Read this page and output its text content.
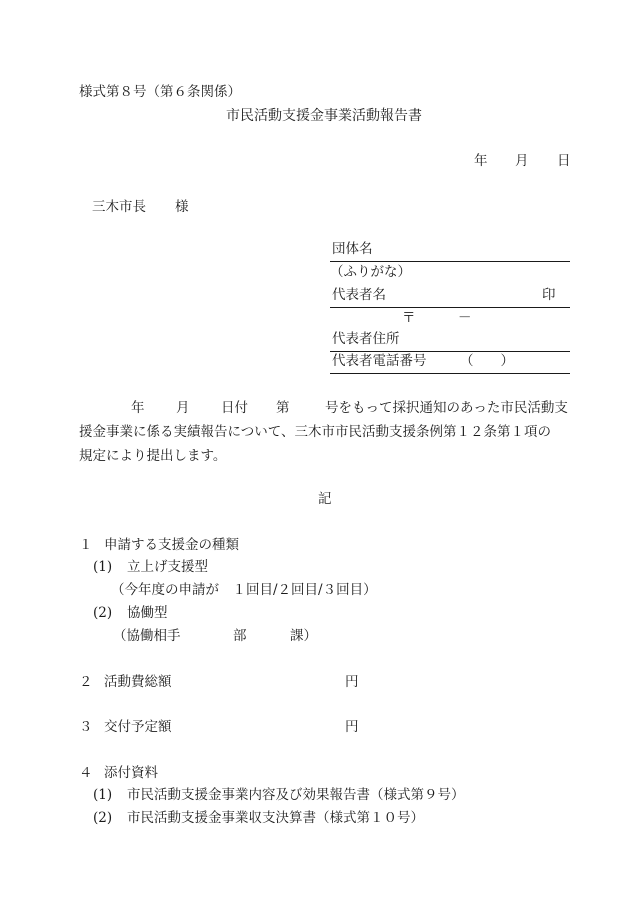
様式第８号（第６条関係）
市民活動支援金事業活動報告書
年 月 日
三木市長 様
団体名
（ふりがな）
代表者名	印
〒	－
代表者住所
代表者電話番号 （　　）
年 月 日付 第	号をもって採択通知のあった市民活動支
援金事業に係る実績報告について、三木市市民活動支援条例第１２条第１項の
規定により提出します。
記
１ 申請する支援金の種類
(1) 立上げ支援型
（今年度の申請が　１回目/２回目/３回目）
(2) 協働型
（協働相手	部	課）
２ 活動費総額	円
３ 交付予定額	円
４ 添付資料
(1) 市民活動支援金事業内容及び効果報告書（様式第９号）
(2) 市民活動支援金事業収支決算書（様式第１０号）
